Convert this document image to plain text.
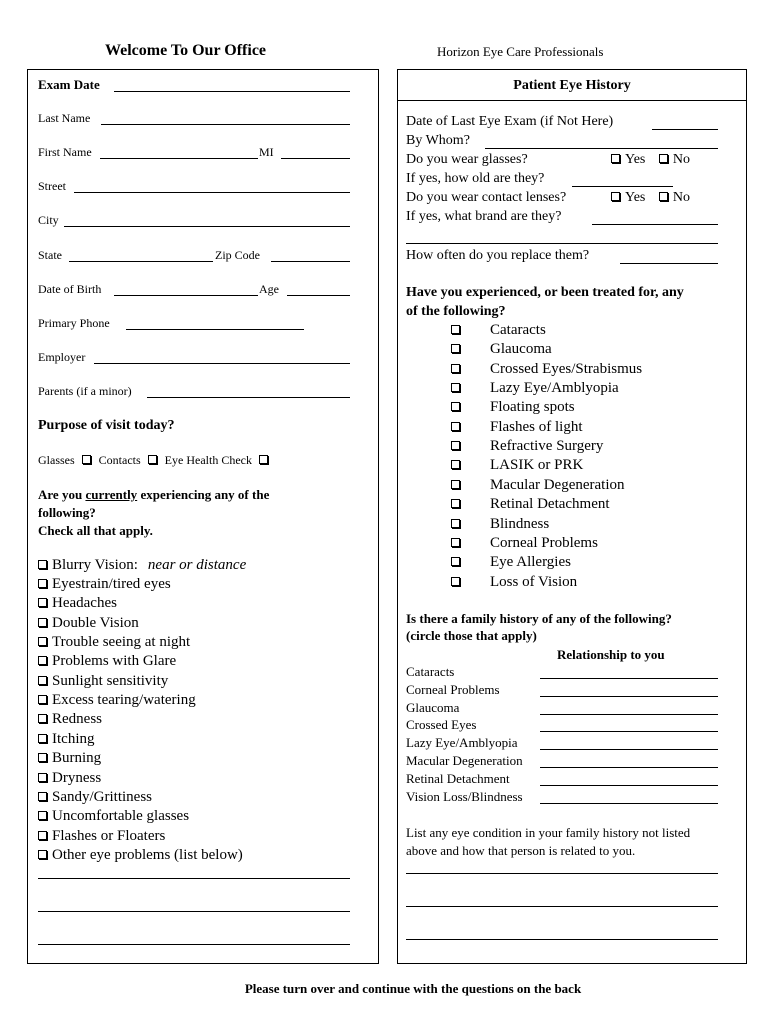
Welcome To Our Office	Horizon Eye Care Professionals
Exam Date
Last Name
First Name	MI
Street
City
State	Zip Code
Date of Birth	Age
Primary Phone
Employer
Parents (if a minor)
Purpose of visit today?
Glasses Contacts Eye Health Check
Are you currently experiencing any of the
following?
Check all that apply.
Blurry Vision: near or distance
Eyestrain/tired eyes
Headaches
Double Vision
Trouble seeing at night
Problems with Glare
Sunlight sensitivity
Excess tearing/watering
Redness
Itching
Burning
Dryness
Sandy/Grittiness
Uncomfortable glasses
Flashes or Floaters
Other eye problems (list below)
Patient Eye History
Date of Last Eye Exam (if Not Here)
By Whom?
Do you wear glasses?	Yes No
If yes, how old are they?
Do you wear contact lenses?	Yes No
If yes, what brand are they?
How often do you replace them?
Have you experienced, or been treated for, any
of the following?
Cataracts
Glaucoma
Crossed Eyes/Strabismus
Lazy Eye/Amblyopia
Floating spots
Flashes of light
Refractive Surgery
LASIK or PRK
Macular Degeneration
Retinal Detachment
Blindness
Corneal Problems
Eye Allergies
Loss of Vision
Is there a family history of any of the following?
(circle those that apply)
Relationship to you
Cataracts
Corneal Problems
Glaucoma
Crossed Eyes
Lazy Eye/Amblyopia
Macular Degeneration
Retinal Detachment
Vision Loss/Blindness
List any eye condition in your family history not listed
above and how that person is related to you.
Please turn over and continue with the questions on the back
